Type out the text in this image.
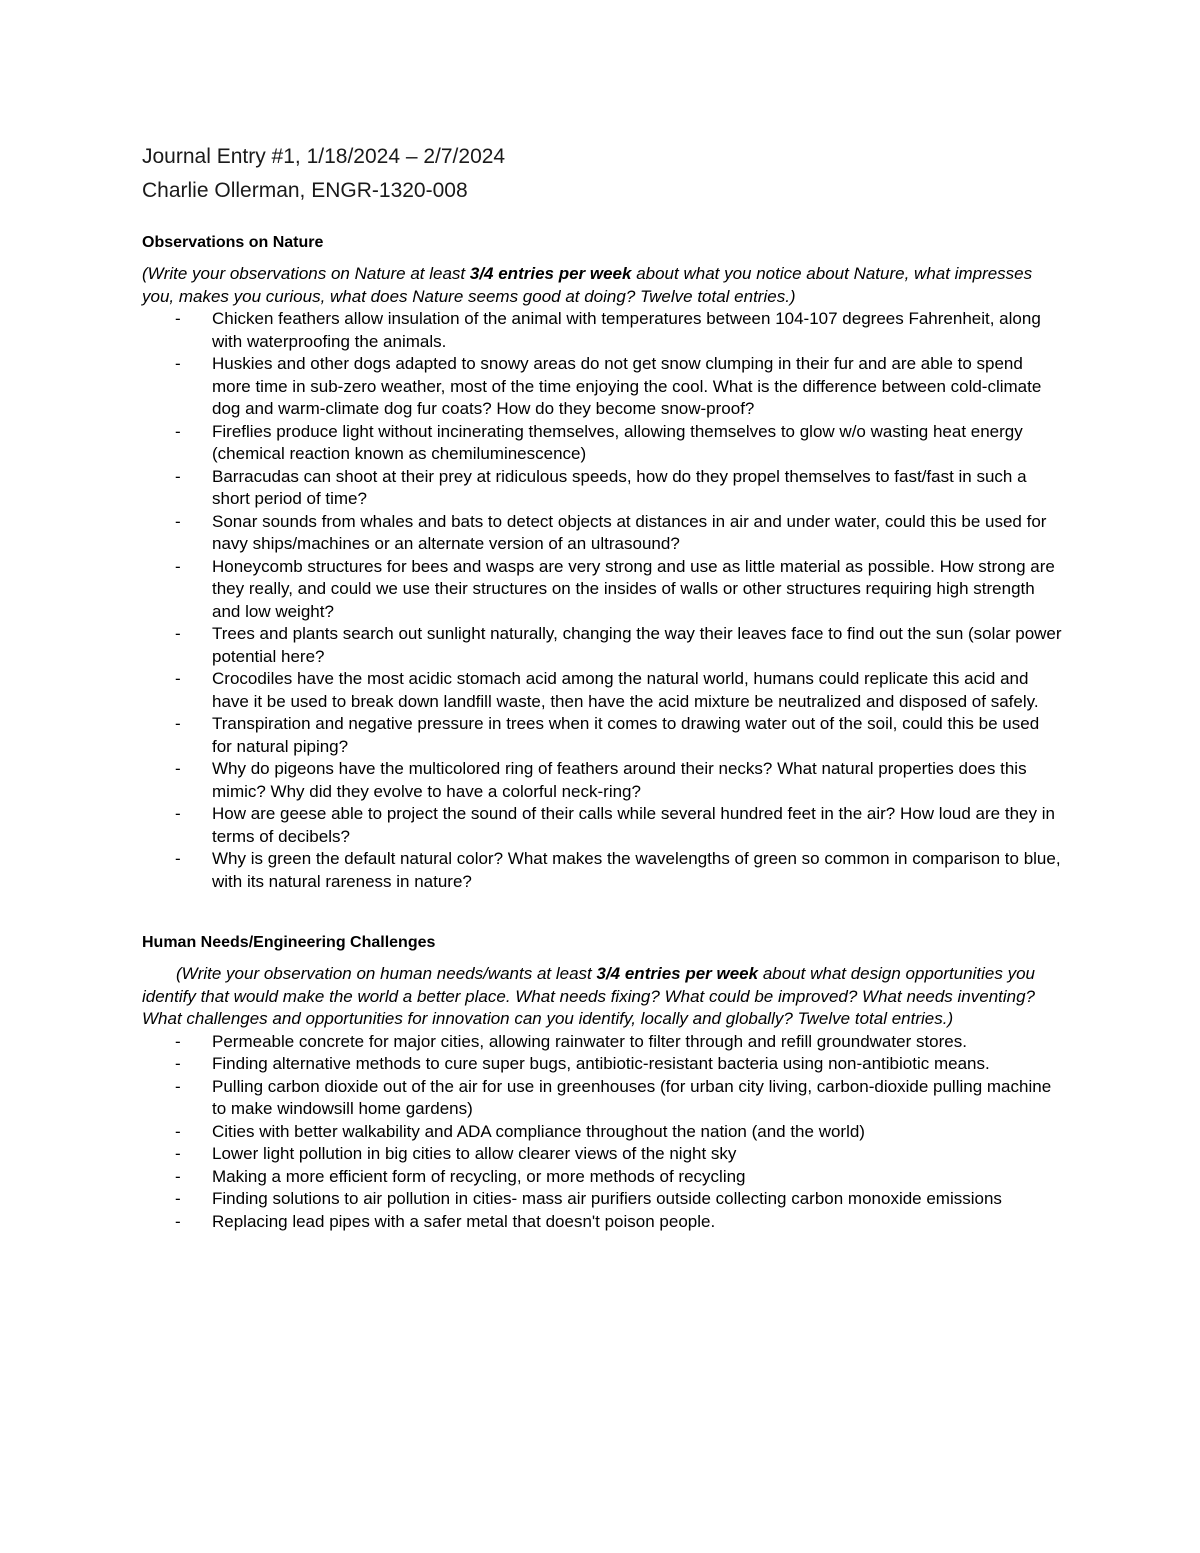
Journal Entry #1, 1/18/2024 – 2/7/2024
Charlie Ollerman, ENGR-1320-008
Observations on Nature
(Write your observations on Nature at least 3/4 entries per week about what you notice about Nature, what impresses you, makes you curious, what does Nature seems good at doing? Twelve total entries.)
- Chicken feathers allow insulation of the animal with temperatures between 104-107 degrees Fahrenheit, along with waterproofing the animals.
- Huskies and other dogs adapted to snowy areas do not get snow clumping in their fur and are able to spend more time in sub-zero weather, most of the time enjoying the cool. What is the difference between cold-climate dog and warm-climate dog fur coats? How do they become snow-proof?
- Fireflies produce light without incinerating themselves, allowing themselves to glow w/o wasting heat energy (chemical reaction known as chemiluminescence)
- Barracudas can shoot at their prey at ridiculous speeds, how do they propel themselves to fast/fast in such a short period of time?
- Sonar sounds from whales and bats to detect objects at distances in air and under water, could this be used for navy ships/machines or an alternate version of an ultrasound?
- Honeycomb structures for bees and wasps are very strong and use as little material as possible. How strong are they really, and could we use their structures on the insides of walls or other structures requiring high strength and low weight?
- Trees and plants search out sunlight naturally, changing the way their leaves face to find out the sun (solar power potential here?
- Crocodiles have the most acidic stomach acid among the natural world, humans could replicate this acid and have it be used to break down landfill waste, then have the acid mixture be neutralized and disposed of safely.
- Transpiration and negative pressure in trees when it comes to drawing water out of the soil, could this be used for natural piping?
- Why do pigeons have the multicolored ring of feathers around their necks? What natural properties does this mimic? Why did they evolve to have a colorful neck-ring?
- How are geese able to project the sound of their calls while several hundred feet in the air? How loud are they in terms of decibels?
- Why is green the default natural color? What makes the wavelengths of green so common in comparison to blue, with its natural rareness in nature?
Human Needs/Engineering Challenges
(Write your observation on human needs/wants at least 3/4 entries per week about what design opportunities you identify that would make the world a better place. What needs fixing? What could be improved? What needs inventing? What challenges and opportunities for innovation can you identify, locally and globally? Twelve total entries.)
- Permeable concrete for major cities, allowing rainwater to filter through and refill groundwater stores.
- Finding alternative methods to cure super bugs, antibiotic-resistant bacteria using non-antibiotic means.
- Pulling carbon dioxide out of the air for use in greenhouses (for urban city living, carbon-dioxide pulling machine to make windowsill home gardens)
- Cities with better walkability and ADA compliance throughout the nation (and the world)
- Lower light pollution in big cities to allow clearer views of the night sky
- Making a more efficient form of recycling, or more methods of recycling
- Finding solutions to air pollution in cities- mass air purifiers outside collecting carbon monoxide emissions
- Replacing lead pipes with a safer metal that doesn't poison people.
